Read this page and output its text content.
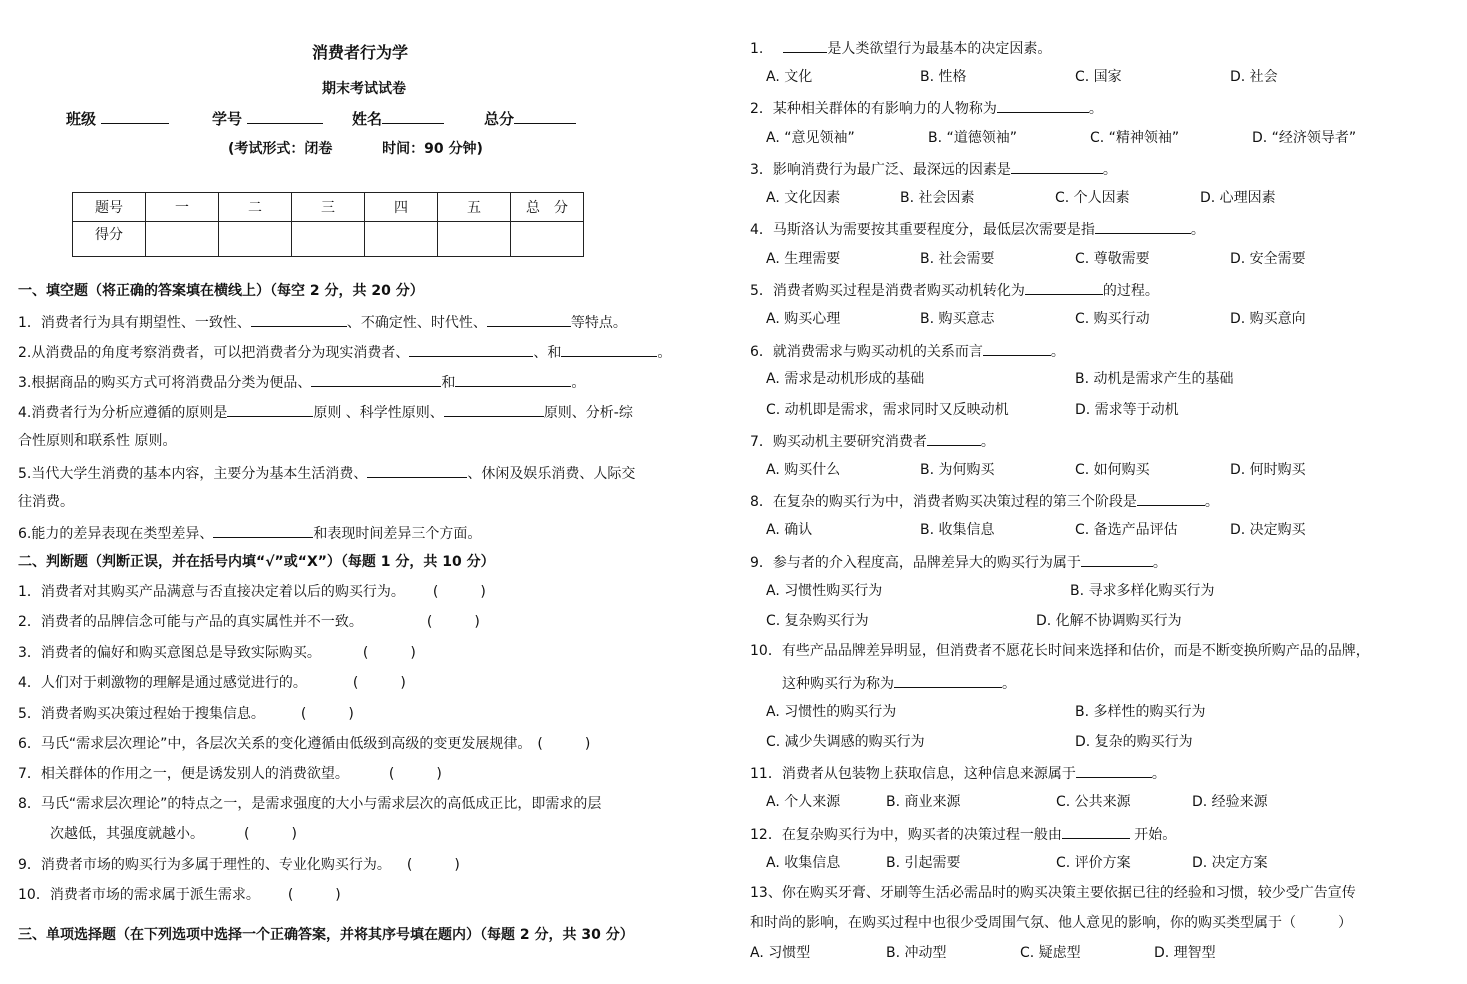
消费者行为学
期末考试试卷
班级	学号	姓名	总分
(考试形式：闭卷	时间：90 分钟)
题号	一	二	三	四	五	总　分
得分						
一、填空题（将正确的答案填在横线上）（每空 2 分，共 20 分）
1．消费者行为具有期望性、一致性、	、不确定性、时代性、	等特点。
2.从消费品的角度考察消费者，可以把消费者分为现实消费者、	、和	。
3.根据商品的购买方式可将消费品分类为便品、	和	。
4.消费者行为分析应遵循的原则是	原则 、科学性原则、	原则、分析-综
合性原则和联系性 原则。
5.当代大学生消费的基本内容，主要分为基本生活消费、	、休闲及娱乐消费、人际交
往消费。
6.能力的差异表现在类型差异、	和表现时间差异三个方面。
二、判断题（判断正误，并在括号内填“√”或“X”）（每题 1 分，共 10 分）
1．消费者对其购买产品满意与否直接决定着以后的购买行为。 (　　　)
2．消费者的品牌信念可能与产品的真实属性并不一致。	(　　　)
3．消费者的偏好和购买意图总是导致实际购买。	(　　　)
4．人们对于刺激物的理解是通过感觉进行的。	(　　　)
5．消费者购买决策过程始于搜集信息。	(　　　)
6．马氏“需求层次理论”中，各层次关系的变化遵循由低级到高级的变更发展规律。 (　　　)
7．相关群体的作用之一，便是诱发别人的消费欲望。	(　　　)
8．马氏“需求层次理论”的特点之一，是需求强度的大小与需求层次的高低成正比，即需求的层
次越低，其强度就越小。	(　　　)
9．消费者市场的购买行为多属于理性的、专业化购买行为。 (　　　)
10．消费者市场的需求属于派生需求。 (　　　)
三、单项选择题（在下列选项中选择一个正确答案，并将其序号填在题内）（每题 2 分，共 30 分）
1.	是人类欲望行为最基本的决定因素。
A. 文化	B. 性格	C. 国家	D. 社会
2．某种相关群体的有影响力的人物称为	。
A. “意见领袖”	B. “道德领袖”	C. “精神领袖”	D. “经济领导者”
3．影响消费行为最广泛、最深远的因素是	。
A. 文化因素	B. 社会因素	C. 个人因素	D. 心理因素
4．马斯洛认为需要按其重要程度分，最低层次需要是指	。
A. 生理需要	B. 社会需要	C. 尊敬需要	D. 安全需要
5．消费者购买过程是消费者购买动机转化为	的过程。
A. 购买心理	B. 购买意志	C. 购买行动	D. 购买意向
6．就消费需求与购买动机的关系而言	。
A. 需求是动机形成的基础	B. 动机是需求产生的基础
C. 动机即是需求，需求同时又反映动机	D. 需求等于动机
7．购买动机主要研究消费者	。
A. 购买什么	B. 为何购买	C. 如何购买	D. 何时购买
8．在复杂的购买行为中，消费者购买决策过程的第三个阶段是	。
A. 确认	B. 收集信息	C. 备选产品评估	D. 决定购买
9．参与者的介入程度高，品牌差异大的购买行为属于	。
A. 习惯性购买行为	B. 寻求多样化购买行为
C. 复杂购买行为	D. 化解不协调购买行为
10．有些产品品牌差异明显，但消费者不愿花长时间来选择和估价，而是不断变换所购产品的品牌，
这种购买行为称为	。
A. 习惯性的购买行为	B. 多样性的购买行为
C. 减少失调感的购买行为	D. 复杂的购买行为
11．消费者从包装物上获取信息，这种信息来源属于	。
A. 个人来源	B. 商业来源	C. 公共来源	D. 经验来源
12．在复杂购买行为中，购买者的决策过程一般由	开始。
A. 收集信息	B. 引起需要	C. 评价方案	D. 决定方案
13、你在购买牙膏、牙刷等生活必需品时的购买决策主要依据已往的经验和习惯，较少受广告宣传
和时尚的影响，在购买过程中也很少受周围气氛、他人意见的影响，你的购买类型属于（　　　）
A. 习惯型	B. 冲动型	C. 疑虑型	D. 理智型
